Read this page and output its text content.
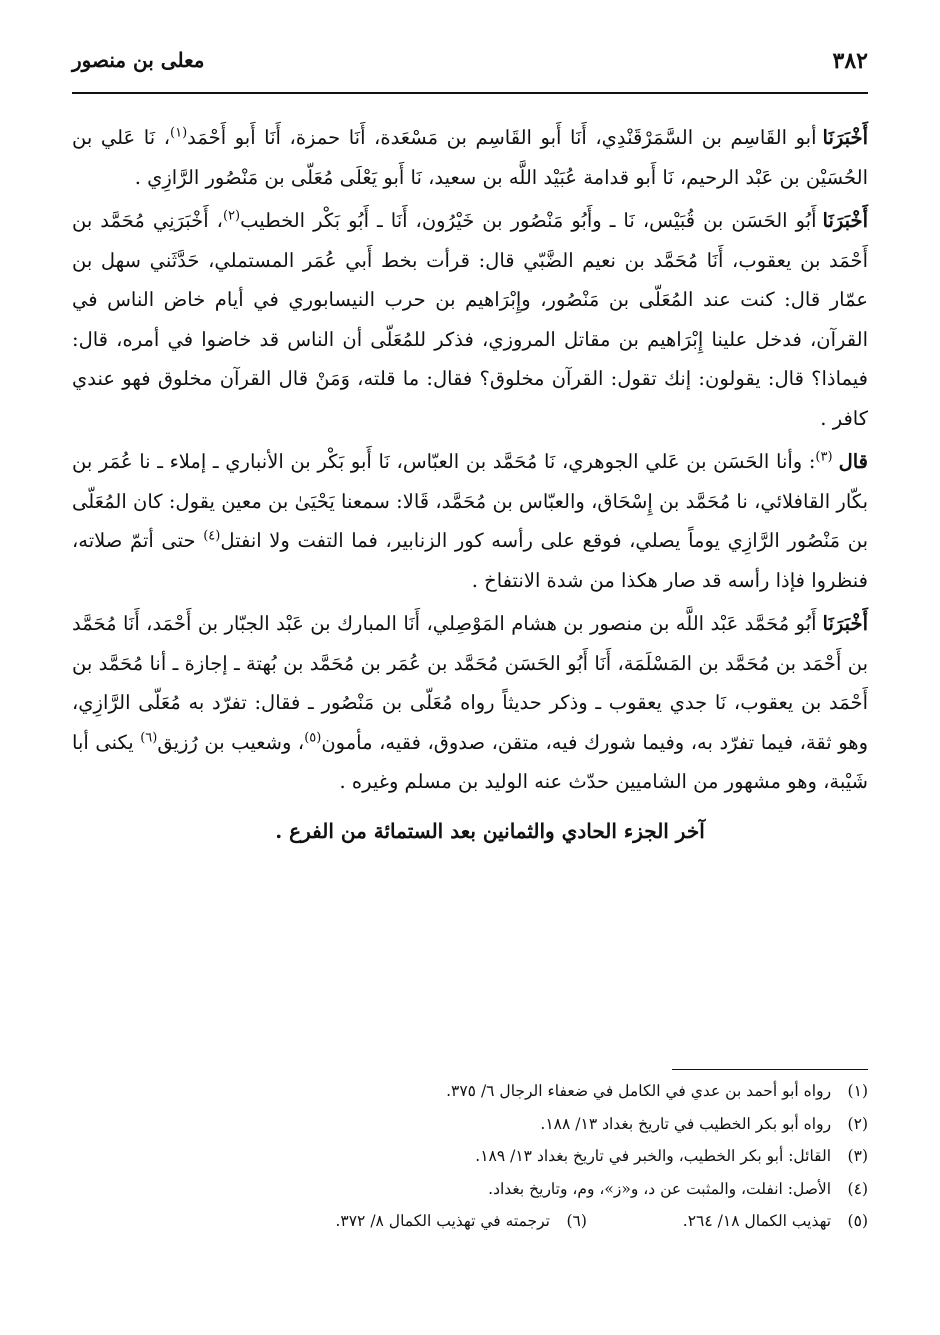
٣٨٢
معلى بن منصور

أَخْبَرَنَاأبو القَاسِم بن السَّمَرْقَنْدِي، أَنَا أَبو القَاسِم بن مَسْعَدة، أَنَا حمزة، أَنَا أَبو أَحْمَد$^{(١)}$، نَا عَلي بن الحُسَيْن بن عَبْد الرحيم، نَا أَبو قدامة عُبَيْد اللَّه بن سعيد، نَا أَبو يَعْلَى مُعَلّى بن مَنْصُور الرَّازِي .

أَخْبَرَنَاأَبُو الحَسَن بن قُبَيْس، نَا ـ وأَبُو مَنْصُور بن خَيْرُون، أَنَا ـ أَبُو بَكْر الخطيب$^{(٢)}$، أَخْبَرَنِي مُحَمَّد بن أَحْمَد بن يعقوب، أَنَا مُحَمَّد بن نعيم الضَّبّي قال: قرأت بخط أَبي عُمَر المستملي، حَدَّثَني سهل بن عمّار قال: كنت عند المُعَلّى بن مَنْصُور، وإِبْرَاهيم بن حرب النيسابوري في أيام خاض الناس في القرآن، فدخل علينا إِبْرَاهيم بن مقاتل المروزي، فذكر للمُعَلّى أن الناس قد خاضوا في أمره، قال: فيماذا؟ قال: يقولون: إنك تقول: القرآن مخلوق؟ فقال: ما قلته، وَمَنْ قال القرآن مخلوق فهو عندي كافر .

قال$^{(٣)}$: وأنا الحَسَن بن عَلي الجوهري، نَا مُحَمَّد بن العبّاس، نَا أَبو بَكْر بن الأنباري ـ إملاء ـ نا عُمَر بن بكّار القافلائي، نا مُحَمَّد بن إِسْحَاق، والعبّاس بن مُحَمَّد، قَالا: سمعنا يَحْيَىٰ بن معين يقول: كان المُعَلّى بن مَنْصُور الرَّازِي يوماً يصلي، فوقع على رأسه كور الزنابير، فما التفت ولا انفتل$^{(٤)}$ حتى أتمّ صلاته، فنظروا فإذا رأسه قد صار هكذا من شدة الانتفاخ .

أَخْبَرَنَاأَبُو مُحَمَّد عَبْد اللَّه بن منصور بن هشام المَوْصِلي، أَنَا المبارك بن عَبْد الجبّار بن أَحْمَد، أَنَا مُحَمَّد بن أَحْمَد بن مُحَمَّد بن المَسْلَمَة، أَنَا أَبُو الحَسَن مُحَمَّد بن عُمَر بن مُحَمَّد بن بُهتة ـ إجازة ـ أنا مُحَمَّد بن أَحْمَد بن يعقوب، نَا جدي يعقوب ـ وذكر حديثاً رواه مُعَلّى بن مَنْصُور ـ فقال: تفرّد به مُعَلّى الرَّازِي، وهو ثقة، فيما تفرّد به، وفيما شورك فيه، متقن، صدوق، فقيه، مأمون$^{(٥)}$، وشعيب بن رُزيق$^{(٦)}$ يكنى أبا شَيْبة، وهو مشهور من الشاميين حدّث عنه الوليد بن مسلم وغيره .

آخر الجزء الحادي والثمانين بعد الستمائة من الفرع .
(١) رواه أبو أحمد بن عدي في الكامل في ضعفاء الرجال ٦/ ٣٧٥.
(٢) رواه أبو بكر الخطيب في تاريخ بغداد ١٣/ ١٨٨.
(٣) القائل: أبو بكر الخطيب، والخبر في تاريخ بغداد ١٣/ ١٨٩.
(٤) الأصل: انفلت، والمثبت عن د، و«ز»، وم، وتاريخ بغداد.
(٥) تهذيب الكمال ١٨/ ٢٦٤.  (٦) ترجمته في تهذيب الكمال ٨/ ٣٧٢.
